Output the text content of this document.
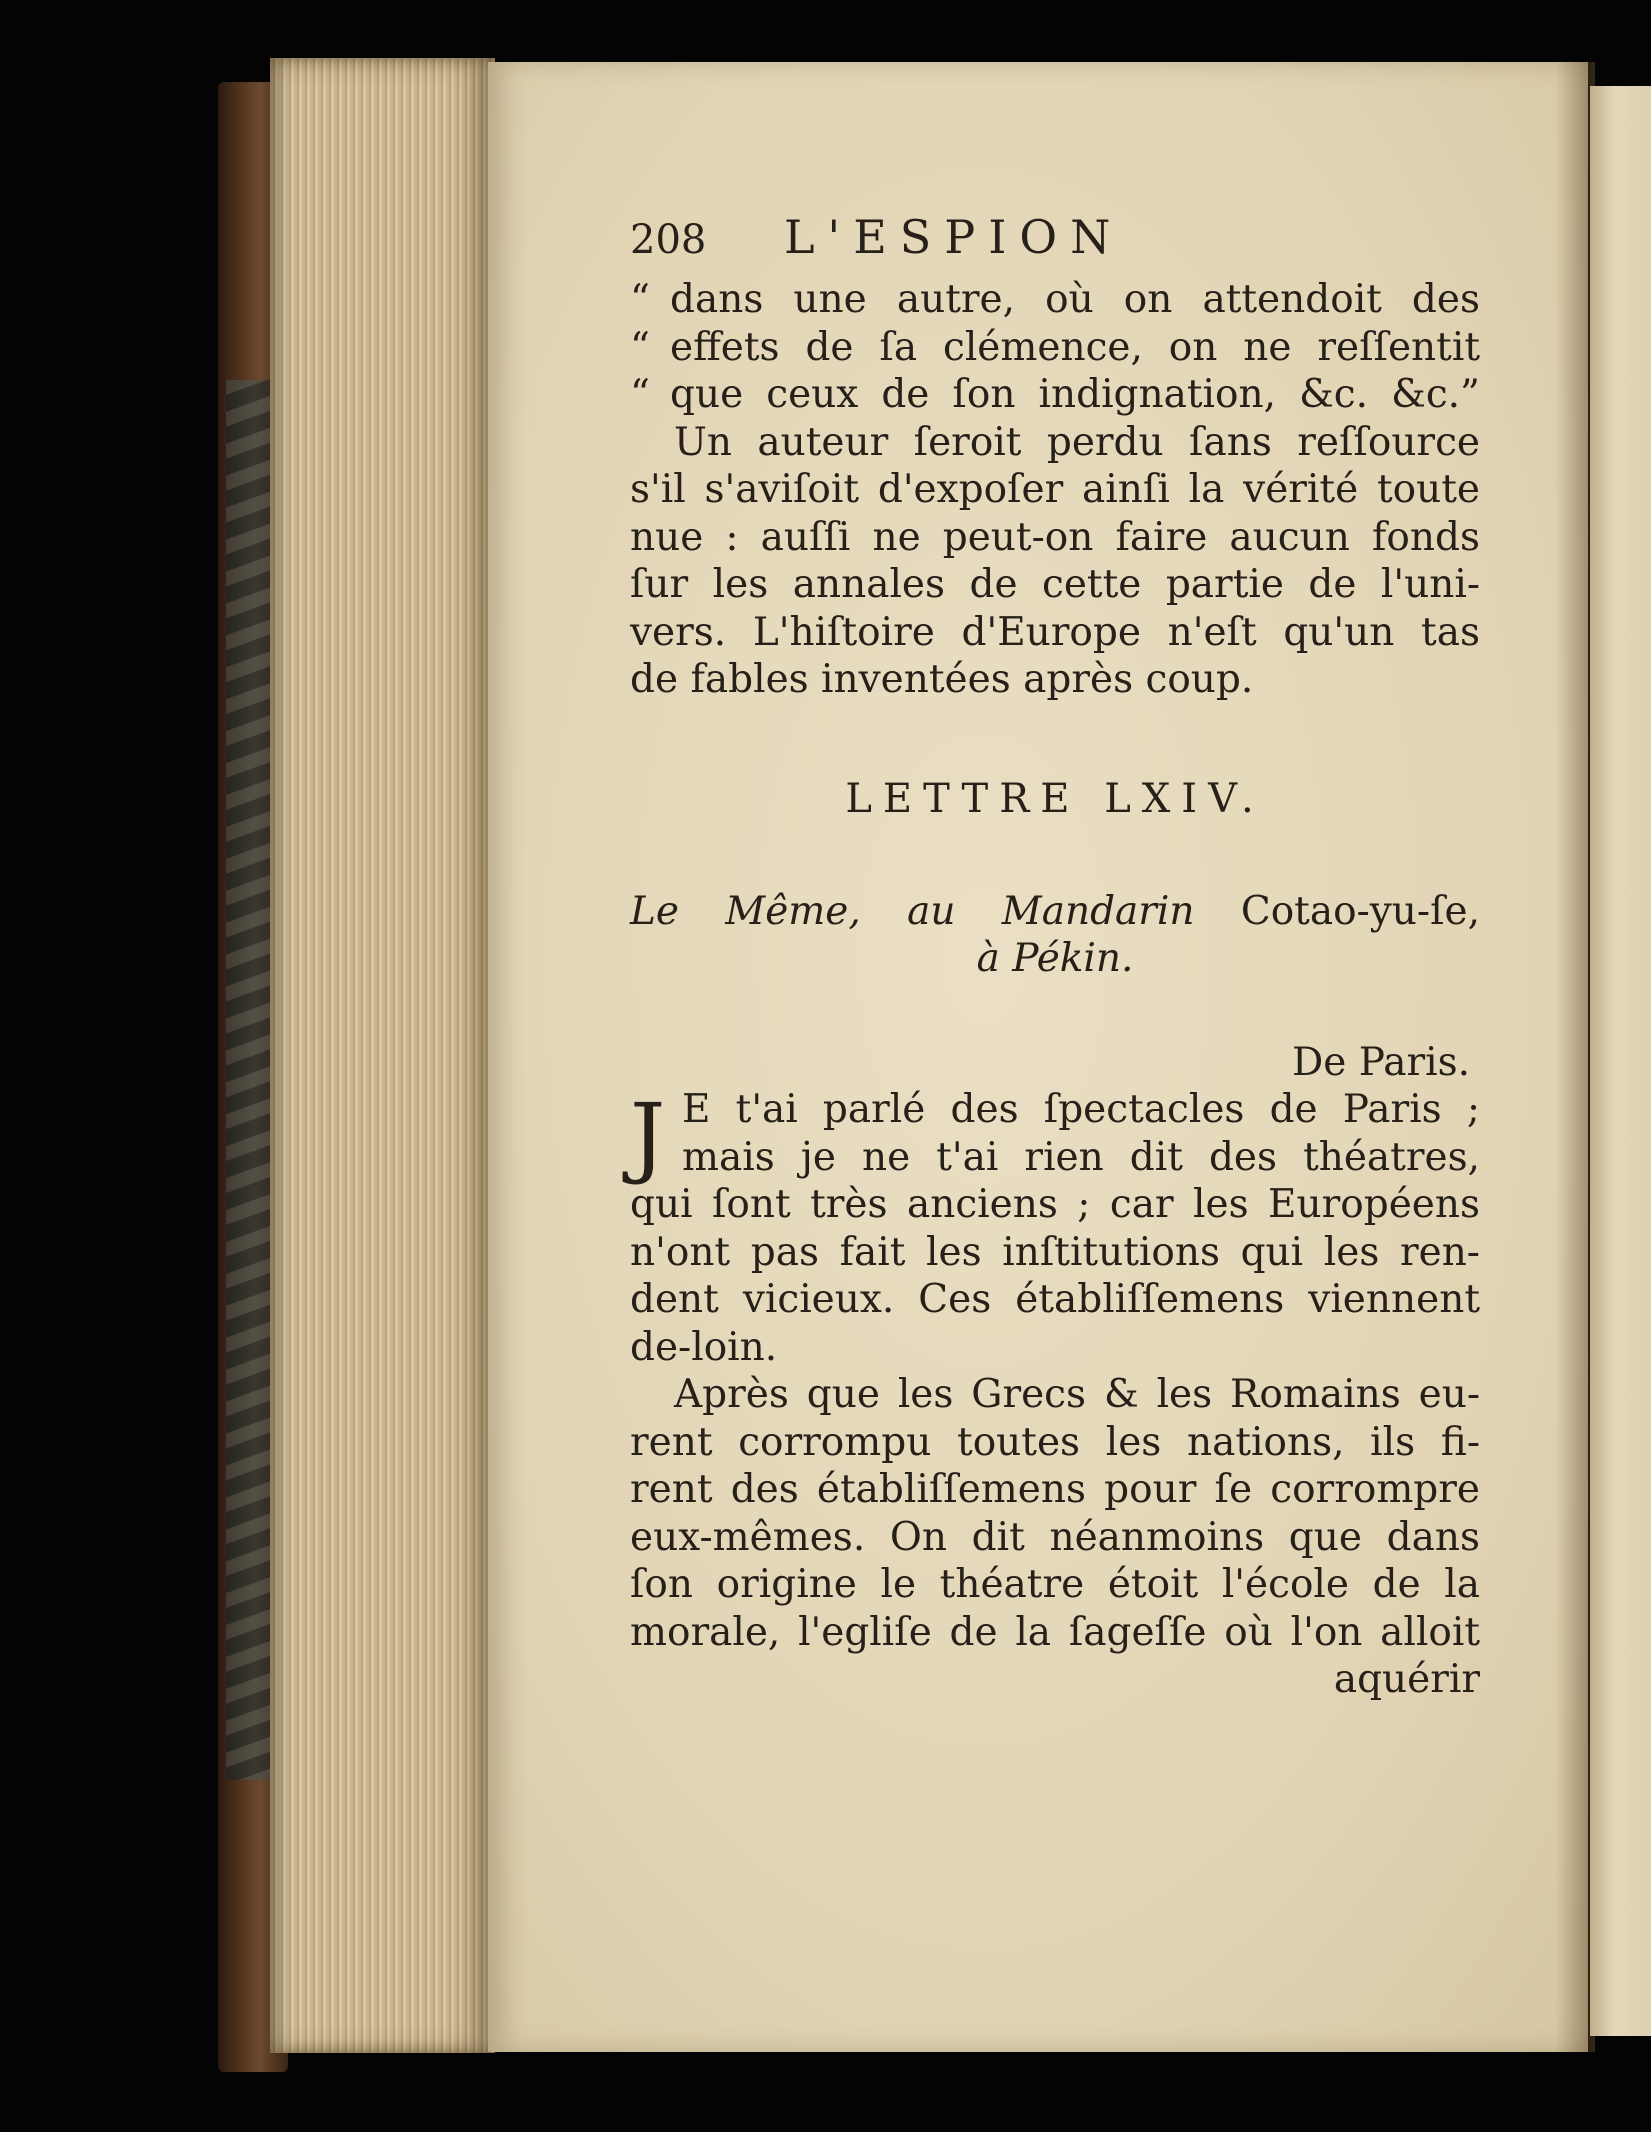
208	L'ESPION
“ dans une autre, où on attendoit des
“ effets de ſa clémence, on ne reſſentit
“ que ceux de ſon indignation, &c. &c.”
Un auteur ſeroit perdu ſans reſſource
s'il s'aviſoit d'expoſer ainſi la vérité toute
nue : auſſi ne peut-on faire aucun fonds
ſur les annales de cette partie de l'uni-
vers. L'hiſtoire d'Europe n'eſt qu'un tas
de fables inventées après coup.
LETTRE LXIV.
Le Même, au Mandarin Cotao-yu-ſe,
à Pékin.
De Paris.
J E t'ai parlé des ſpectacles de Paris ;
mais je ne t'ai rien dit des théatres,
qui ſont très anciens ; car les Européens
n'ont pas fait les inſtitutions qui les ren-
dent vicieux. Ces établiſſemens viennent
de-loin.
Après que les Grecs & les Romains eu-
rent corrompu toutes les nations, ils fi-
rent des établiſſemens pour ſe corrompre
eux-mêmes. On dit néanmoins que dans
ſon origine le théatre étoit l'école de la
morale, l'egliſe de la ſageſſe où l'on alloit
aquérir
